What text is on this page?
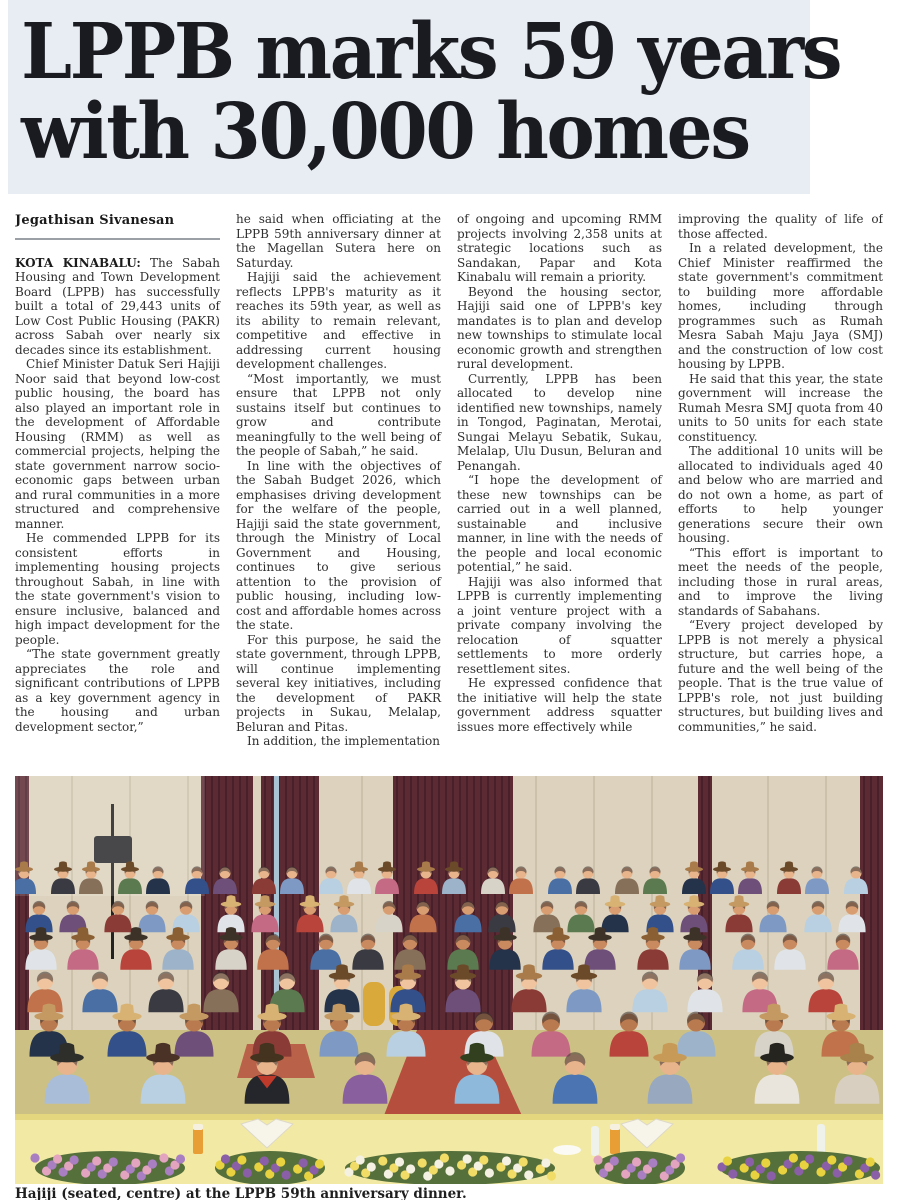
LPPB marks 59 years
with 30,000 homes
Jegathisan Sivanesan

KOTA KINABALU: The Sabah Housing and Town Development Board (LPPB) has successfully built a total of 29,443 units of Low Cost Public Housing (PAKR) across Sabah over nearly six decades since its establishment.

Chief Minister Datuk Seri Hajiji Noor said that beyond low-cost public housing, the board has also played an important role in the development of Affordable Housing (RMM) as well as commercial projects, helping the state government narrow socio-economic gaps between urban and rural communities in a more structured and comprehensive manner.

He commended LPPB for its consistent efforts in implementing housing projects throughout Sabah, in line with the state government's vision to ensure inclusive, balanced and high impact development for the people.

“The state government greatly appreciates the role and significant contributions of LPPB as a key government agency in the housing and urban development sector,”

he said when officiating at the LPPB 59th anniversary dinner at the Magellan Sutera here on Saturday.

Hajiji said the achievement reflects LPPB's maturity as it reaches its 59th year, as well as its ability to remain relevant, competitive and effective in addressing current housing development challenges.

“Most importantly, we must ensure that LPPB not only sustains itself but continues to grow and contribute meaningfully to the well being of the people of Sabah,” he said.

In line with the objectives of the Sabah Budget 2026, which emphasises driving development for the welfare of the people, Hajiji said the state government, through the Ministry of Local Government and Housing, continues to give serious attention to the provision of public housing, including low-cost and affordable homes across the state.

For this purpose, he said the state government, through LPPB, will continue implementing several key initiatives, including the development of PAKR projects in Sukau, Melalap, Beluran and Pitas.

In addition, the implementation

of ongoing and upcoming RMM projects involving 2,358 units at strategic locations such as Sandakan, Papar and Kota Kinabalu will remain a priority.

Beyond the housing sector, Hajiji said one of LPPB's key mandates is to plan and develop new townships to stimulate local economic growth and strengthen rural development.

Currently, LPPB has been allocated to develop nine identified new townships, namely in Tongod, Paginatan, Merotai, Sungai Melayu Sebatik, Sukau, Melalap, Ulu Dusun, Beluran and Penangah.

“I hope the development of these new townships can be carried out in a well planned, sustainable and inclusive manner, in line with the needs of the people and local economic potential,” he said.

Hajiji was also informed that LPPB is currently implementing a joint venture project with a private company involving the relocation of squatter settlements to more orderly resettlement sites.

He expressed confidence that the initiative will help the state government address squatter issues more effectively while

improving the quality of life of those affected.

In a related development, the Chief Minister reaffirmed the state government's commitment to building more affordable homes, including through programmes such as Rumah Mesra Sabah Maju Jaya (SMJ) and the construction of low cost housing by LPPB.

He said that this year, the state government will increase the Rumah Mesra SMJ quota from 40 units to 50 units for each state constituency.

The additional 10 units will be allocated to individuals aged 40 and below who are married and do not own a home, as part of efforts to help younger generations secure their own housing.

“This effort is important to meet the needs of the people, including those in rural areas, and to improve the living standards of Sabahans.

“Every project developed by LPPB is not merely a physical structure, but carries hope, a future and the well being of the people. That is the true value of LPPB's role, not just building structures, but building lives and communities,” he said.

Hajiji (seated, centre) at the LPPB 59th anniversary dinner.
